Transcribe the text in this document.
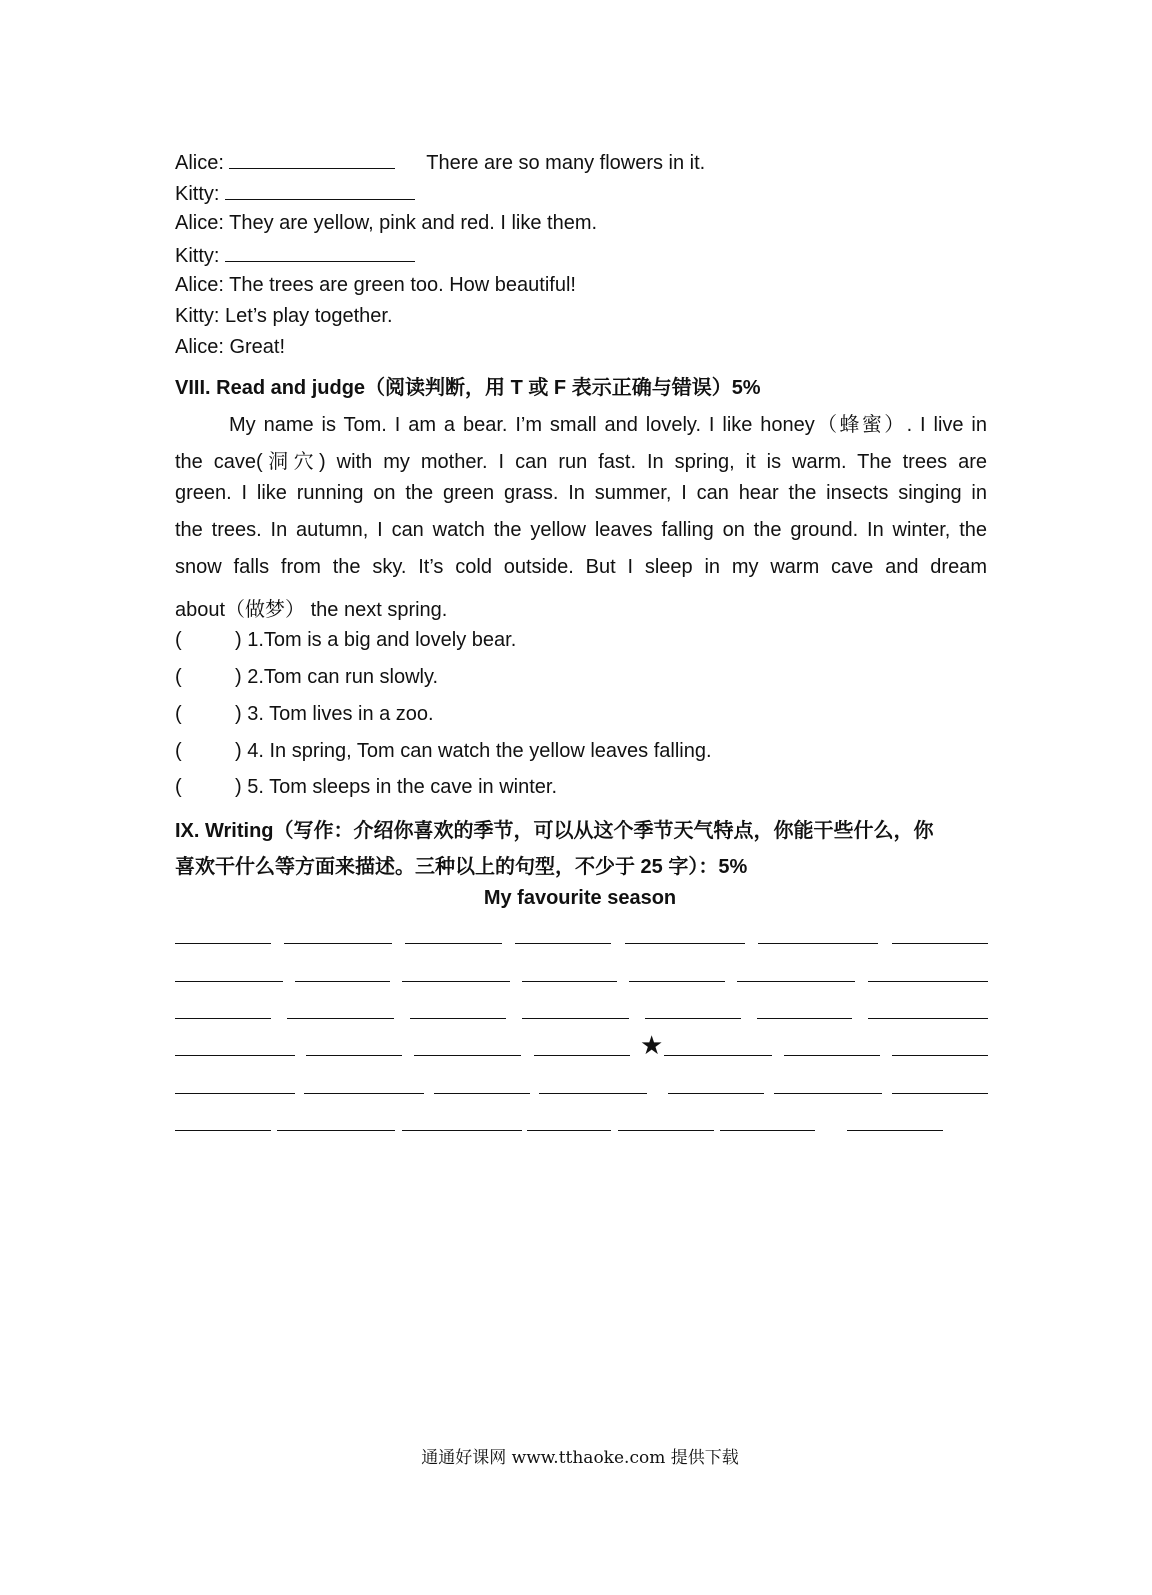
Alice:	There are so many flowers in it.
Kitty:
Alice: They are yellow, pink and red. I like them.
Kitty:
Alice: The trees are green too. How beautiful!
Kitty: Let’s play together.
Alice: Great!
VIII. Read and judge（阅读判断，用 T 或 F 表示正确与错误）5%
My name is Tom. I am a bear. I’m small and lovely. I like honey（蜂蜜）. I live in
the cave(洞穴) with my mother. I can run fast. In spring, it is warm. The trees are
green. I like running on the green grass. In summer, I can hear the insects singing in
the trees. In autumn, I can watch the yellow leaves falling on the ground. In winter, the
snow falls from the sky. It’s cold outside. But I sleep in my warm cave and dream
about（做梦） the next spring.
(	) 1.Tom is a big and lovely bear.
(	) 2.Tom can run slowly.
(	) 3. Tom lives in a zoo.
(	) 4. In spring, Tom can watch the yellow leaves falling.
(	) 5. Tom sleeps in the cave in winter.
IX. Writing（写作：介绍你喜欢的季节，可以从这个季节天气特点，你能干些什么，你
喜欢干什么等方面来描述。三种以上的句型，不少于 25 字）：5%
My favourite season
★
通通好课网 www.tthaoke.com 提供下载
